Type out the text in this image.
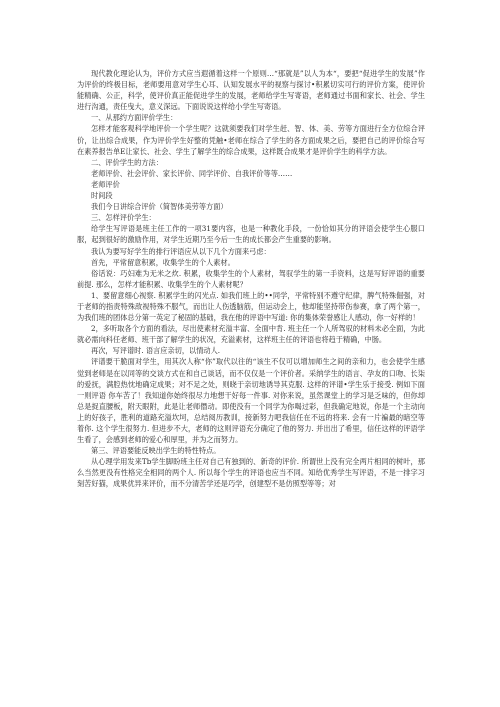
现代教化理论认为，评价方式应当遐循着这样一个原则…“那就是”以人为本“，要把“促进学生的发展”作为评价的终极目标，老师要用意对学生心耳、认知发展水平的视察与探讨•积累切实可行的评价方案，使评价能精确、公正，科学，使评价真正能促进学生的发展，老师给学生写寄语，老师通过书面和家长、社会、学生进行沟通，责任曳大，意义深远。下面说说这样给小学生写寄语。

一、从那约方面评价学生：

怎样才能客观科学地评价一个学生呢？这就须要我们对学生赶、智、体、美、劳等方面进行全方位综合评价，让出综合成果，作为评价学生好整的凭触•老师在综合了学生的各方面成果之后，要把自己的评价综合写在素养报告单E让家长、社会、学生了解学生的综合成果，这样既合成果才是评价学生的科学方法。

二、评价学生的方法：

老师评价、社会评价、家长评价、同学评价、自我评价等等……

老师评价

时间段

我们今日讲综合评价（简智体美劳等方面）

三、怎样评价学生：

给学生写评语是班主任工作的一项31要内容，也是一种教化手段，一份恰如其分的评语会使学生心服口服，起到很好的激励作用，对学生近期乃至今后一生的成长都会产生重要的影响。

我认为要写好学生的排行评语应从以下几个方面来弓虑：

首先，平常留意积累，收集学生的个人素材。

俗话说：巧妇难为无米之炊. 积累，收集学生的个人素材，驾驭学生的第一手资料，这是写好评语的重要前提. 那么，怎样才能积累、收集学生的个人素材呢？

1、要留意细心视察. 积累学生的闪光点. 如我们班上的••同学，平常特别不遵守纪律，脾气特殊倔强，对于老师的指责特殊敌视特殊不服气，而出让人伤透脑筋，但运动会上，他却能坚持带伤参赛，拿了两个第一，为我们班的团体总分第一英定了秘固的基础，我在他的评语中写道: 你的集体荣誉感让人感动，你一好样的！

2，多听取各个方面的看法，尽出使素材充溢丰富、全面中肯. 班主任一个人所驾驭的材料未必全面，为此就必需向科任老师、班干部了解学生的状况，充溢素材，这样班主任的评语也将趋于精确，中肠。

再次，写评谱时. 语言应亲切，以情动人.

评谱要干脆面对学生，用其次人称“你”取代以往的“该生不仅可以增加师生之间的亲和力，也会使学生感觉到老师是在以同等的交谈方式在和自己谈话，而不仅仅是一个评价者。采纳学生的语言、孕友的口吻、长柒的爱抚，满腔热忱地确定成果；对不足之处，则晓于亲切地诱导其克服. 这样的评谱•学生乐于接受. 例如下面一则评语 你车苦了！我知道你始终很尽力地想干好每一件事. 对你来说，虽然课堂上的学习是乏味的，但你却总是捉直腰板，附天眼附，此是让老师僭动。即使没有一个同学为你喝过彩，但我确定地说，你是一个主动向上的好孩子，胜利的道路充溢坎坷，总结阅历教训，接新努力吧我信任在不远的将来. 会有一片褊最的暗空等着你. 这个学生很努力. 但进步不大，老师的这则评语充分确定了他的努力. 并出出了希里，信任这样的评语学生看了，会感到老师的爱心和厚里，并为之而努力。

第三、评语要能反映出学生的特性特点。

从心理学用发来Tb学生脚盼班主任对自己有独到的、新奇的评价. 所谓世上没有完全两片相同的树叶，那么当然更没有性格完全相同的两个人. 所以每个学生的评语也应当不同。知给优秀学生写评语，不是一排字习刻苦好猫，成果优异来评价，而不分清苦学还是巧学，创建型不是仿照型等等；对
